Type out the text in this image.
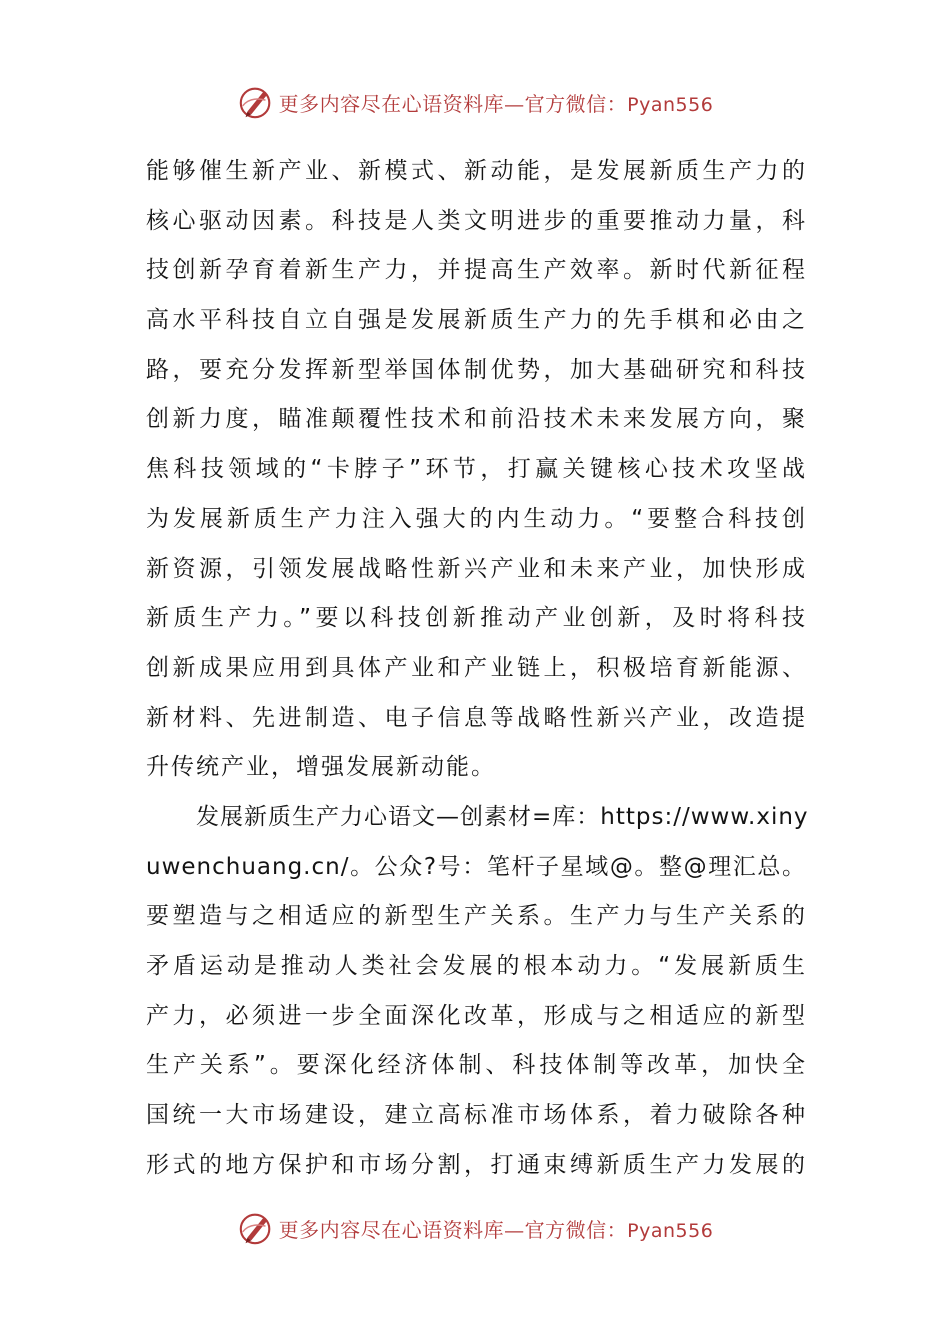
更多内容尽在心语资料库—官方微信：Pyan556
能够催生新产业、新模式、新动能，是发展新质生产力的
核心驱动因素。科技是人类文明进步的重要推动力量，科
技创新孕育着新生产力，并提高生产效率。新时代新征程
高水平科技自立自强是发展新质生产力的先手棋和必由之
路，要充分发挥新型举国体制优势，加大基础研究和科技
创新力度，瞄准颠覆性技术和前沿技术未来发展方向，聚
焦科技领域的“卡脖子”环节，打赢关键核心技术攻坚战
为发展新质生产力注入强大的内生动力。“要整合科技创
新资源，引领发展战略性新兴产业和未来产业，加快形成
新质生产力。”要以科技创新推动产业创新，及时将科技
创新成果应用到具体产业和产业链上，积极培育新能源、
新材料、先进制造、电子信息等战略性新兴产业，改造提
升传统产业，增强发展新动能。
发展新质生产力心语文—创素材=库：https://www.xiny
uwenchuang.cn/。公众?号：笔杆子星域@。整@理汇总。
要塑造与之相适应的新型生产关系。生产力与生产关系的
矛盾运动是推动人类社会发展的根本动力。“发展新质生
产力，必须进一步全面深化改革，形成与之相适应的新型
生产关系”。要深化经济体制、科技体制等改革，加快全
国统一大市场建设，建立高标准市场体系，着力破除各种
形式的地方保护和市场分割，打通束缚新质生产力发展的
更多内容尽在心语资料库—官方微信：Pyan556
